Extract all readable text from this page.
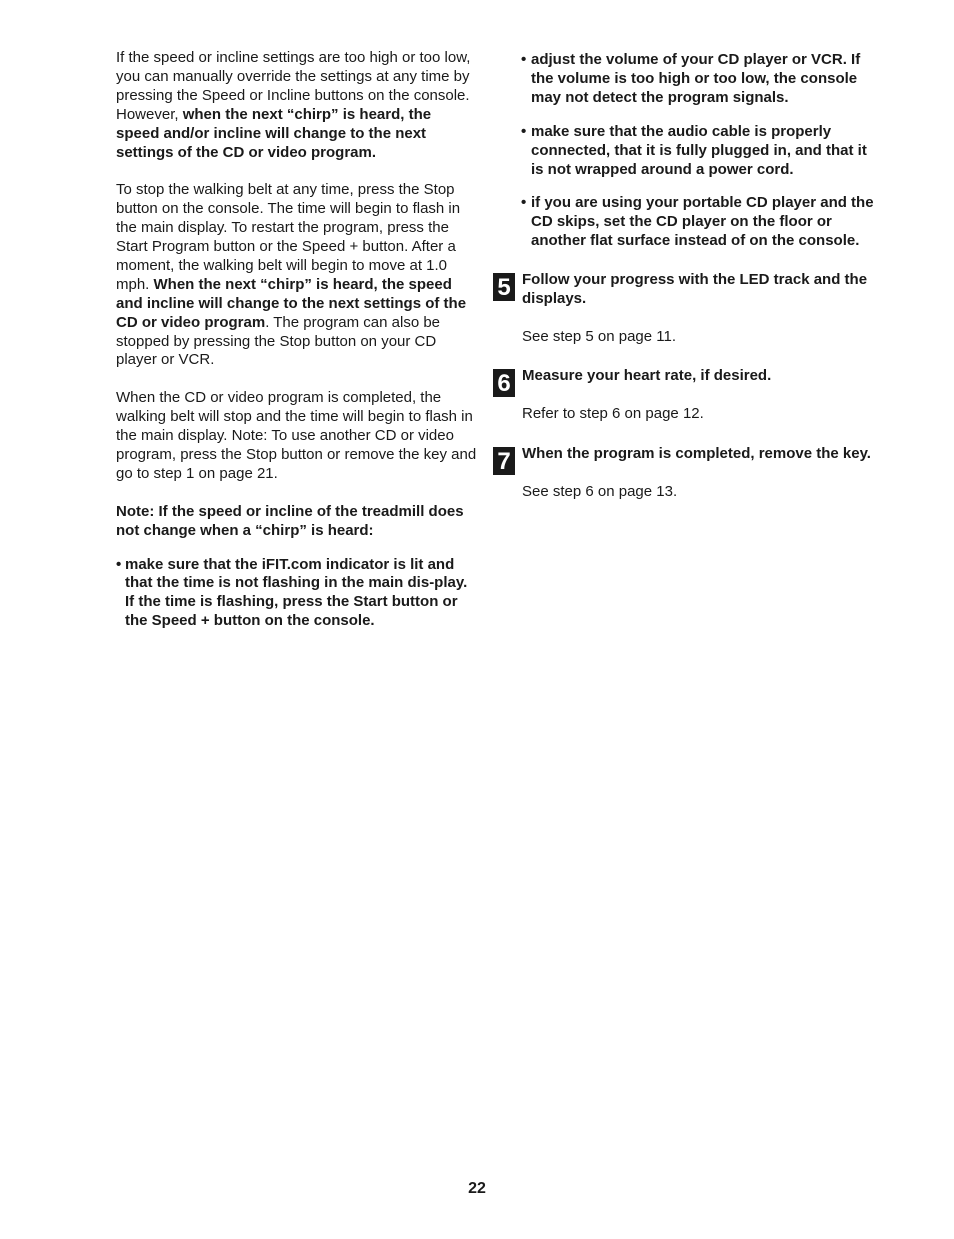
If the speed or incline settings are too high or too low, you can manually override the settings at any time by pressing the Speed or Incline buttons on the console. However, when the next “chirp” is heard, the speed and/or incline will change to the next settings of the CD or video program.

To stop the walking belt at any time, press the Stop button on the console. The time will begin to flash in the main display. To restart the program, press the Start Program button or the Speed + button. After a moment, the walking belt will begin to move at 1.0 mph. When the next “chirp” is heard, the speed and incline will change to the next settings of the CD or video program. The program can also be stopped by pressing the Stop button on your CD player or VCR.

When the CD or video program is completed, the walking belt will stop and the time will begin to flash in the main display. Note: To use another CD or video program, press the Stop button or remove the key and go to step 1 on page 21.

Note: If the speed or incline of the treadmill does not change when a “chirp” is heard:

• make sure that the iFIT.com indicator is lit and that the time is not flashing in the main dis-play. If the time is flashing, press the Start button or the Speed + button on the console.
• adjust the volume of your CD player or VCR. If the volume is too high or too low, the console may not detect the program signals.
• make sure that the audio cable is properly connected, that it is fully plugged in, and that it is not wrapped around a power cord.
• if you are using your portable CD player and the CD skips, set the CD player on the floor or another flat surface instead of on the console.
5 Follow your progress with the LED track and the displays.

See step 5 on page 11.

6 Measure your heart rate, if desired.

Refer to step 6 on page 12.

7 When the program is completed, remove the key.

See step 6 on page 13.

22
